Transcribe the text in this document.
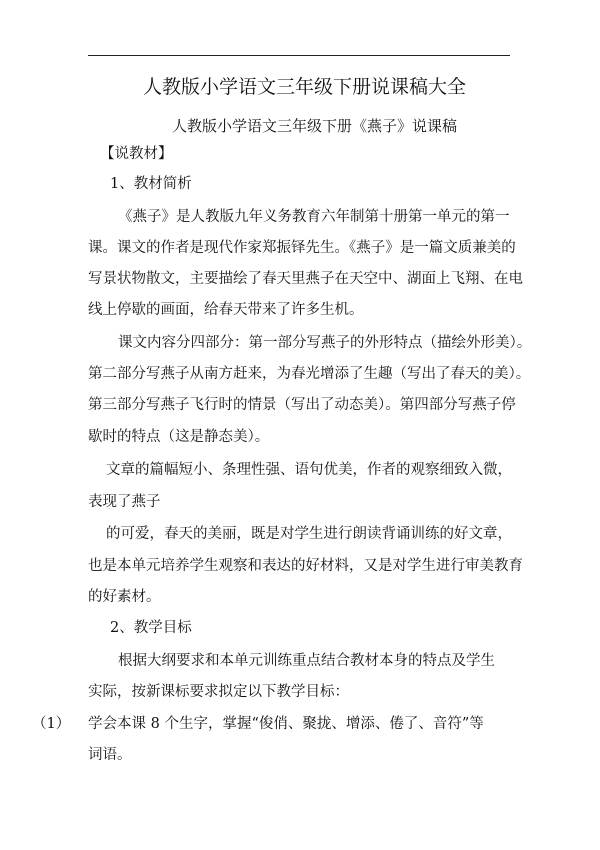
人教版小学语文三年级下册说课稿大全
人教版小学语文三年级下册《燕子》说课稿
【说教材】
1、教材简析
《燕子》是人教版九年义务教育六年制第十册第一单元的第一
课。课文的作者是现代作家郑振铎先生。《燕子》是一篇文质兼美的
写景状物散文，主要描绘了春天里燕子在天空中、湖面上飞翔、在电
线上停歇的画面，给春天带来了许多生机。
课文内容分四部分：第一部分写燕子的外形特点（描绘外形美）。
第二部分写燕子从南方赶来，为春光增添了生趣（写出了春天的美）。
第三部分写燕子飞行时的情景（写出了动态美）。第四部分写燕子停
歇时的特点（这是静态美）。
文章的篇幅短小、条理性强、语句优美，作者的观察细致入微，
表现了燕子
的可爱，春天的美丽，既是对学生进行朗读背诵训练的好文章，
也是本单元培养学生观察和表达的好材料，又是对学生进行审美教育
的好素材。
2、教学目标
根据大纲要求和本单元训练重点结合教材本身的特点及学生
实际，按新课标要求拟定以下教学目标：
（1） 学会本课 8 个生字，掌握“俊俏、聚拢、增添、倦了、音符”等
词语。
